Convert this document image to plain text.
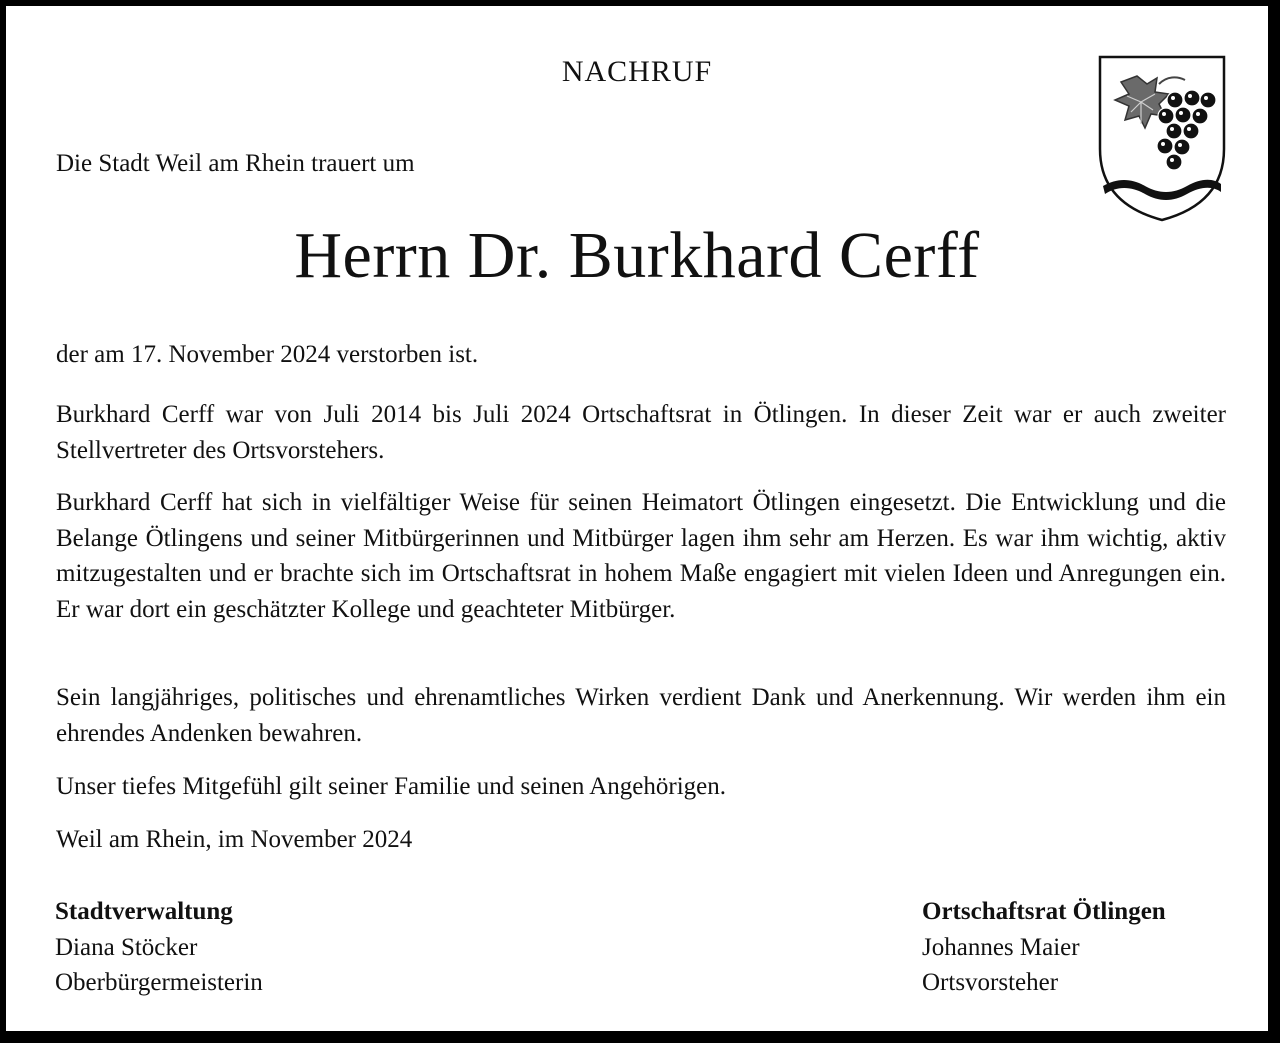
NACHRUF
Die Stadt Weil am Rhein trauert um
Herrn Dr. Burkhard Cerff

der am 17. November 2024 verstorben ist.

Burkhard Cerff war von Juli 2014 bis Juli 2024 Ortschaftsrat in Ötlingen. In dieser Zeit war er auch zweiter Stellvertreter des Ortsvorstehers.

Burkhard Cerff hat sich in vielfältiger Weise für seinen Heimatort Ötlingen eingesetzt. Die Entwicklung und die Belange Ötlingens und seiner Mitbürgerinnen und Mitbürger lagen ihm sehr am Herzen. Es war ihm wichtig, aktiv mitzugestalten und er brachte sich im Ortschaftsrat in hohem Maße engagiert mit vielen Ideen und Anregungen ein. Er war dort ein geschätzter Kollege und geachteter Mitbürger.

Sein langjähriges, politisches und ehrenamtliches Wirken verdient Dank und Anerkennung. Wir werden ihm ein ehrendes Andenken bewahren.

Unser tiefes Mitgefühl gilt seiner Familie und seinen Angehörigen.

Weil am Rhein, im November 2024

Stadtverwaltung
Diana Stöcker
Oberbürgermeisterin
Ortschaftsrat Ötlingen
Johannes Maier
Ortsvorsteher
